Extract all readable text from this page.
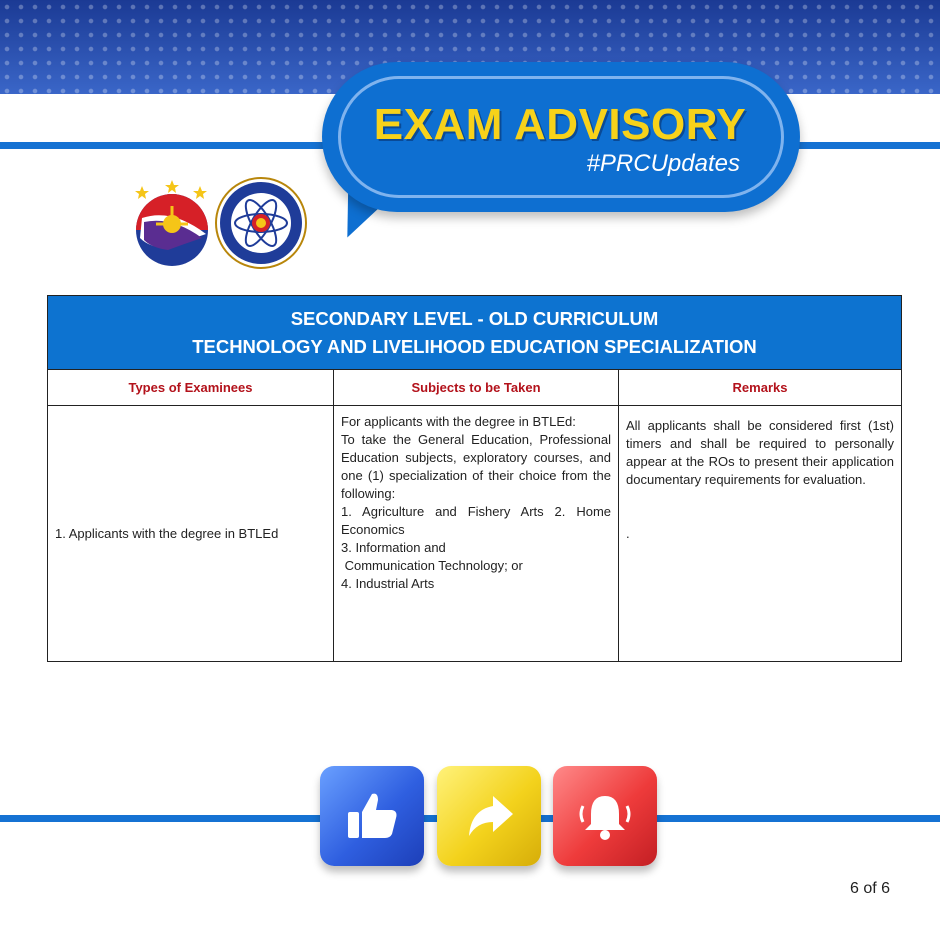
EXAM ADVISORY
#PRCUpdates
SECONDARY LEVEL - OLD CURRICULUM
TECHNOLOGY AND LIVELIHOOD EDUCATION SPECIALIZATION
Types of Examinees	Subjects to be Taken	Remarks
1. Applicants with the degree in BTLEd
For applicants with the degree in BTLEd:
To take the General Education, Professional Education subjects, exploratory courses, and one (1) specialization of their choice from the following:
1. Agriculture and Fishery Arts 2. Home Economics
3. Information and
Communication Technology; or
4. Industrial Arts
All applicants shall be considered first (1st) timers and shall be required to personally appear at the ROs to present their application documentary requirements for evaluation.
.
6 of 6
